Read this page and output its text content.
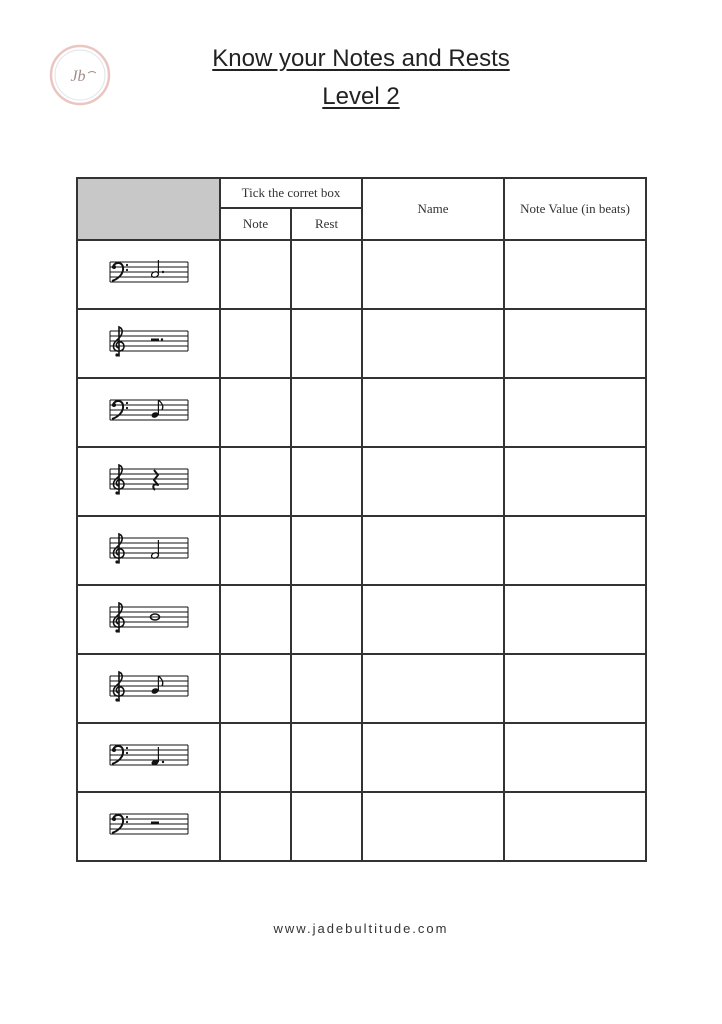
Jb
Know your Notes and Rests
Level 2
	Tick the corret box		Name	Note Value (in beats)
	Note	Rest		

www.jadebultitude.com
